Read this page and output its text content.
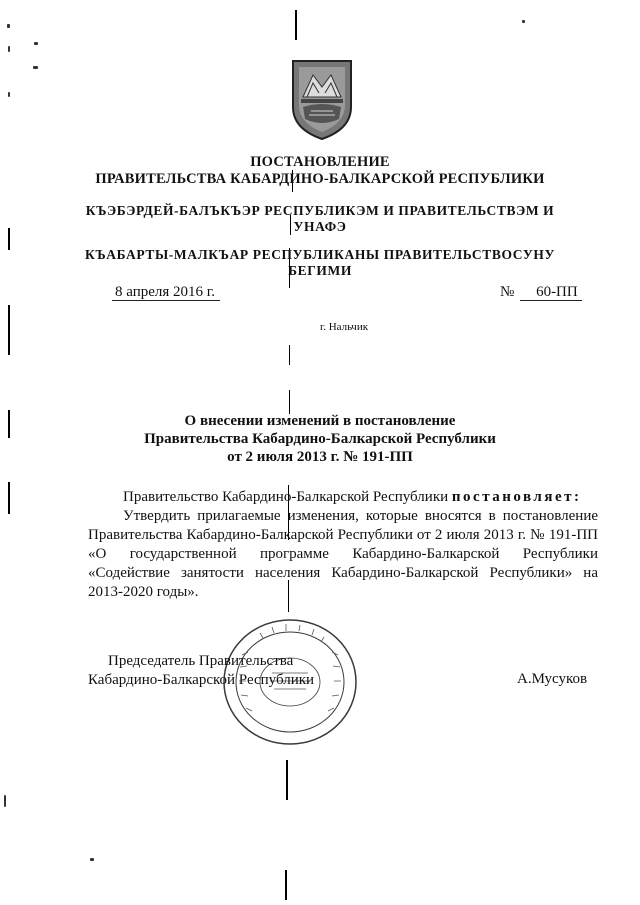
ПОСТАНОВЛЕНИЕ
ПРАВИТЕЛЬСТВА КАБАРДИНО-БАЛКАРСКОЙ РЕСПУБЛИКИ
КЪЭБЭРДЕЙ-БАЛЪКЪЭР РЕСПУБЛИКЭМ И ПРАВИТЕЛЬСТВЭМ И
УНАФЭ
КЪАБАРТЫ-МАЛКЪАР РЕСПУБЛИКАНЫ ПРАВИТЕЛЬСТВОСУНУ
БЕГИМИ
8 апреля 2016 г.	№ 60-ПП
г. Нальчик
О внесении изменений в постановление
Правительства Кабардино-Балкарской Республики
от 2 июля 2013 г. № 191-ПП
Правительство Кабардино-Балкарской Республики постановляет:
Утвердить прилагаемые изменения, которые вносятся в постановление Правительства Кабардино-Балкарской Республики от 2 июля 2013 г. № 191-ПП «О государственной программе Кабардино-Балкарской Республики «Содействие занятости населения Кабардино-Балкарской Республики» на 2013-2020 годы».
Председатель Правительства
Кабардино-Балкарской Республики	А.Мусуков
